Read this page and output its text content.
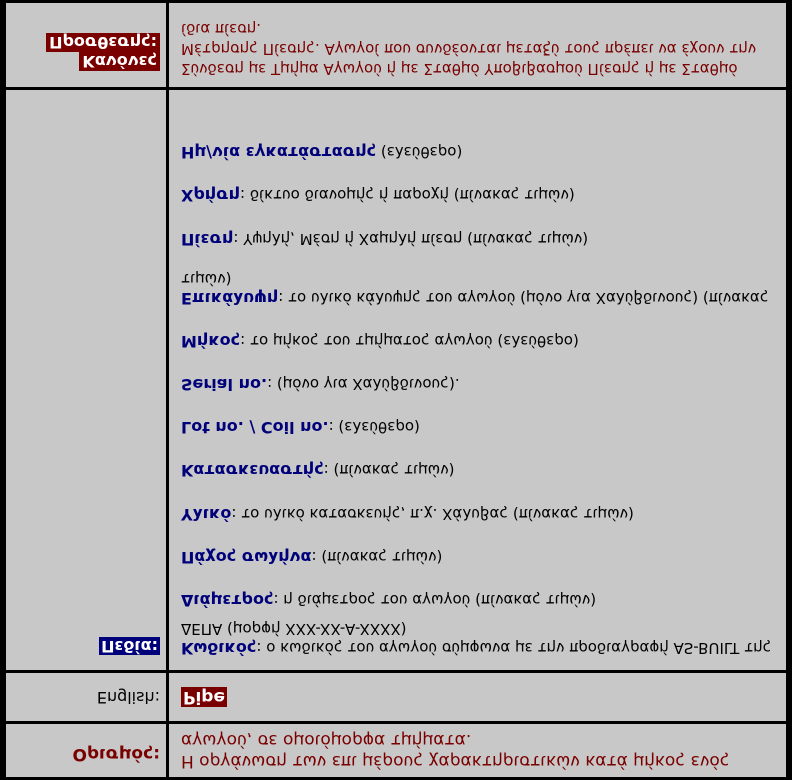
Ορισμός: Η οργάνωση των επι μέρους χαρακτηριστικών κατά μήκος ενός αγωγού, σε ομοιόμορφα τμήματα.
English: Pipe
Πεδία: Κωδικός: ο κωδικός του αγωγού σύμφωνα με την προδιαγραφή AS-BUILT της ΔΕΠΑ (μορφή XXX-XX-A-XXXX)
Διάμετρος: η διάμετρος του αγωγού (πίνακας τιμών)
Πάχος σωλήνα: (πίνακας τιμών)
Υλικό: το υλικό κατασκευής, π.χ. Χάλυβας (πίνακας τιμών)
Κατασκευαστής: (πίνακας τιμών)
Lot no. / Coil no.: (ελεύθερο)
Serial no.: (μόνο για Χαλύβδινους).
Μήκος: το μήκος του τμήματος αγωγού (ελεύθερο)
Επικάλυψη: το υλικό κάλυψης του αγωγού (μόνο για Χαλύβδινους) (πίνακας τιμών)
Πίεση: Υψηλή, Μέση ή Χαμηλή πίεση (πίνακας τιμών)
Χρήση: δίκτυο διανομής ή παροχή (πίνακας τιμών)
Ημ/νία εγκατάστασης (ελεύθερο)
Κανόνες
Προσθεσης:
Σύνδεση με Τμήμα Αγωγού ή με Σταθμό Υποβιβασμού Πίεσης ή με Σταθμό Μέτρησης Πίεσης. Αγωγοί που συνδέονται μεταξύ τους πρέπει να έχουν την ίδια πίεση.
